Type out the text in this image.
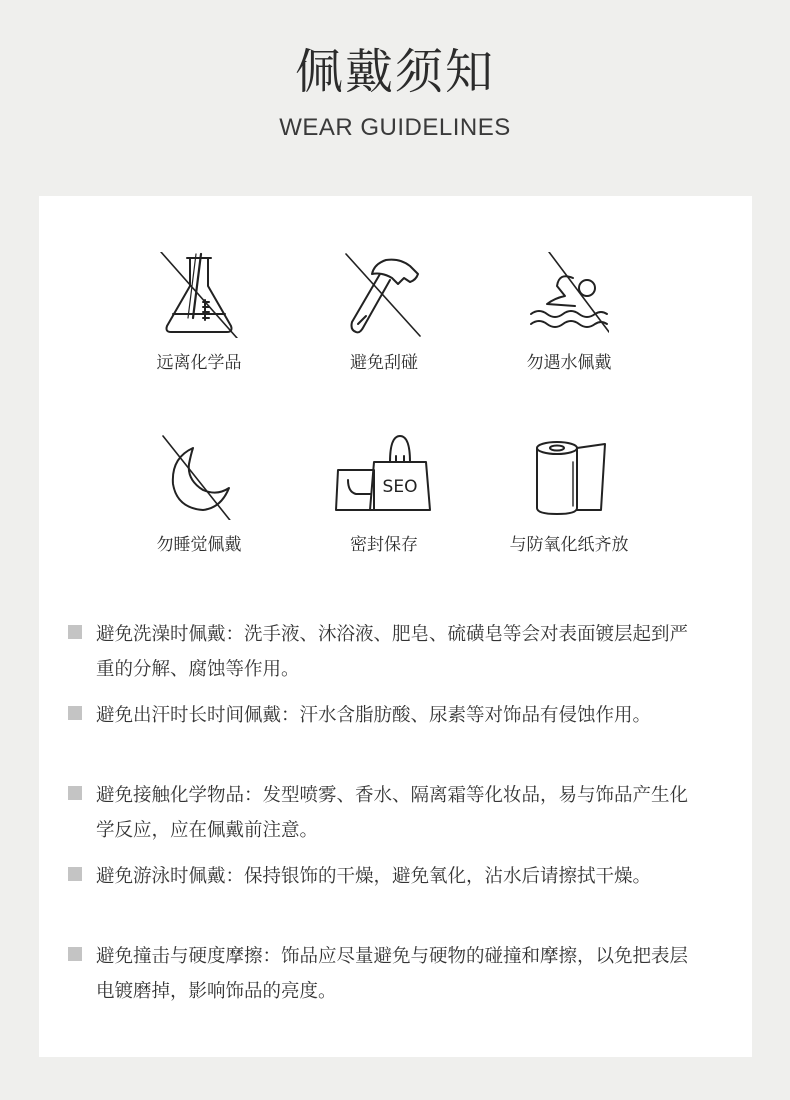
佩戴须知
WEAR GUIDELINES
远离化学品	避免刮碰	勿遇水佩戴
勿睡觉佩戴
SEO
密封保存	与防氧化纸齐放
避免洗澡时佩戴：洗手液、沐浴液、肥皂、硫磺皂等会对表面镀层起到严重的分解、腐蚀等作用。
避免出汗时长时间佩戴：汗水含脂肪酸、尿素等对饰品有侵蚀作用。
避免接触化学物品：发型喷雾、香水、隔离霜等化妆品，易与饰品产生化学反应，应在佩戴前注意。
避免游泳时佩戴：保持银饰的干燥，避免氧化，沾水后请擦拭干燥。
避免撞击与硬度摩擦：饰品应尽量避免与硬物的碰撞和摩擦，以免把表层电镀磨掉，影响饰品的亮度。
